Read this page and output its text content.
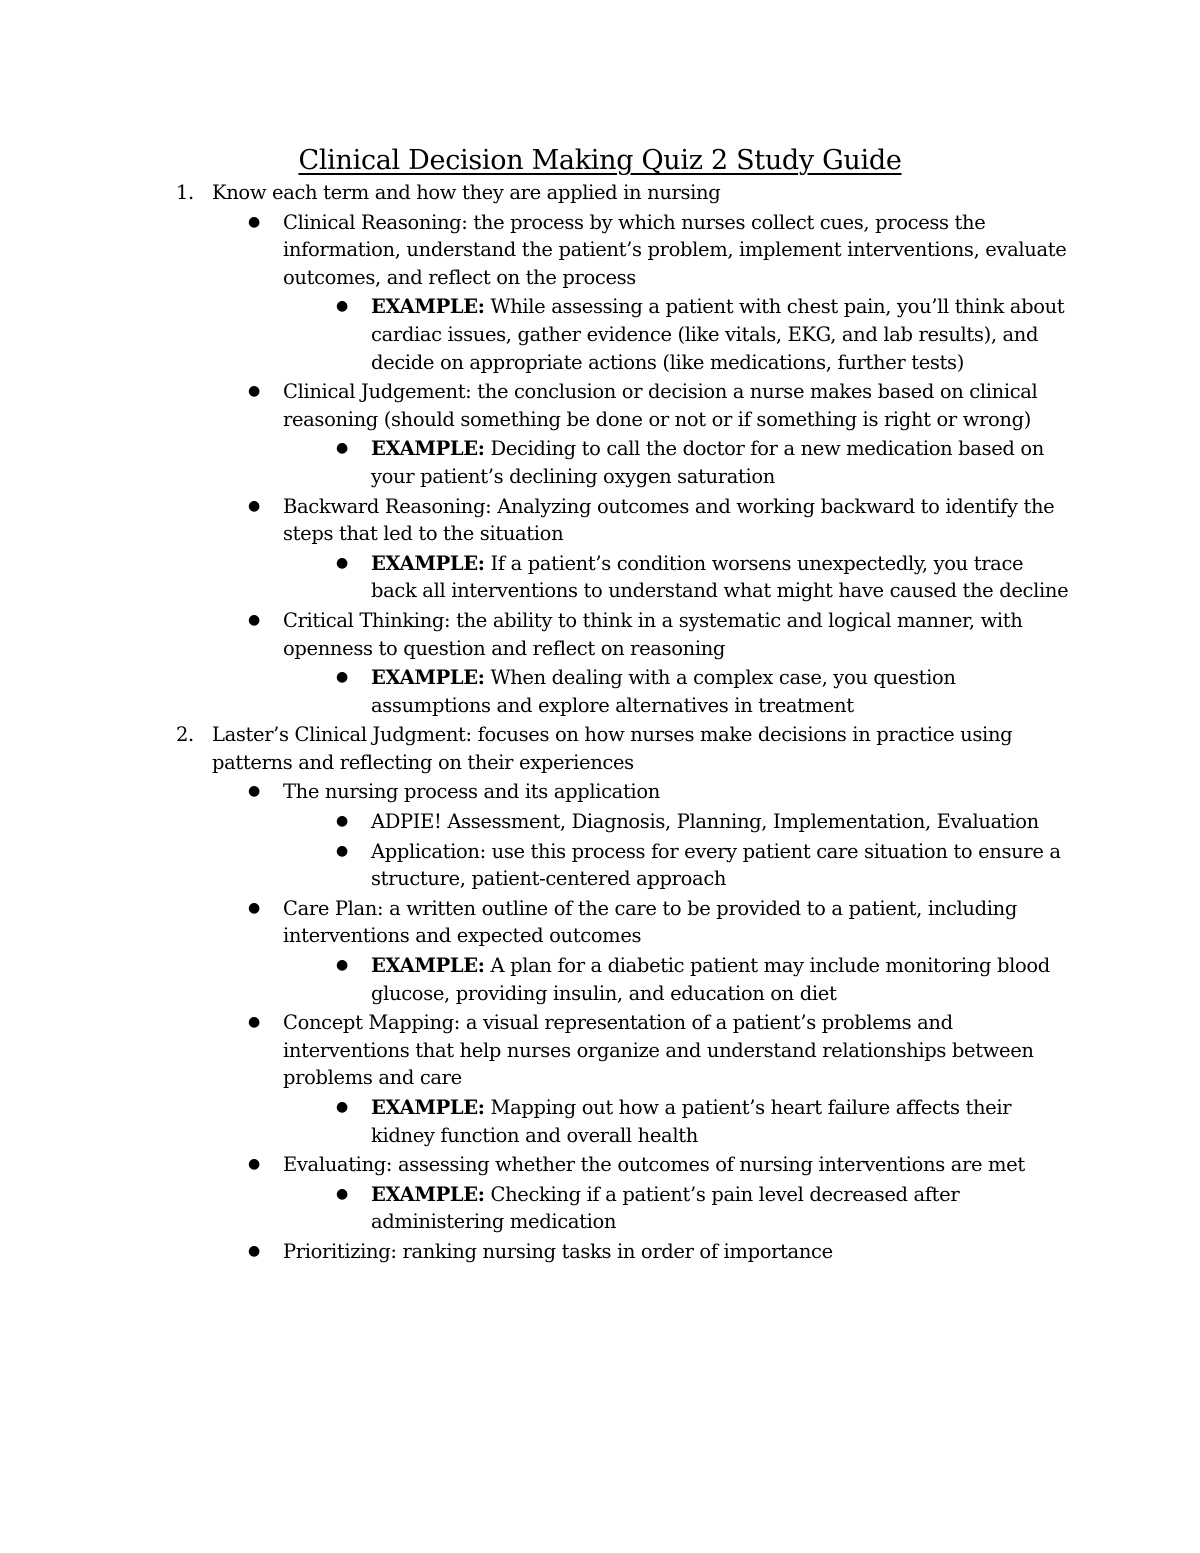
Clinical Decision Making Quiz 2 Study Guide
1. Know each term and how they are applied in nursing
● Clinical Reasoning: the process by which nurses collect cues, process the information, understand the patient’s problem, implement interventions, evaluate outcomes, and reflect on the process
● EXAMPLE: While assessing a patient with chest pain, you’ll think about cardiac issues, gather evidence (like vitals, EKG, and lab results), and decide on appropriate actions (like medications, further tests)
● Clinical Judgement: the conclusion or decision a nurse makes based on clinical reasoning (should something be done or not or if something is right or wrong)
● EXAMPLE: Deciding to call the doctor for a new medication based on your patient’s declining oxygen saturation
● Backward Reasoning: Analyzing outcomes and working backward to identify the steps that led to the situation
● EXAMPLE: If a patient’s condition worsens unexpectedly, you trace back all interventions to understand what might have caused the decline
● Critical Thinking: the ability to think in a systematic and logical manner, with openness to question and reflect on reasoning
● EXAMPLE: When dealing with a complex case, you question assumptions and explore alternatives in treatment
2. Laster’s Clinical Judgment: focuses on how nurses make decisions in practice using patterns and reflecting on their experiences
● The nursing process and its application
● ADPIE! Assessment, Diagnosis, Planning, Implementation, Evaluation
● Application: use this process for every patient care situation to ensure a structure, patient-centered approach
● Care Plan: a written outline of the care to be provided to a patient, including interventions and expected outcomes
● EXAMPLE: A plan for a diabetic patient may include monitoring blood glucose, providing insulin, and education on diet
● Concept Mapping: a visual representation of a patient’s problems and interventions that help nurses organize and understand relationships between problems and care
● EXAMPLE: Mapping out how a patient’s heart failure affects their kidney function and overall health
● Evaluating: assessing whether the outcomes of nursing interventions are met
● EXAMPLE: Checking if a patient’s pain level decreased after administering medication
● Prioritizing: ranking nursing tasks in order of importance
